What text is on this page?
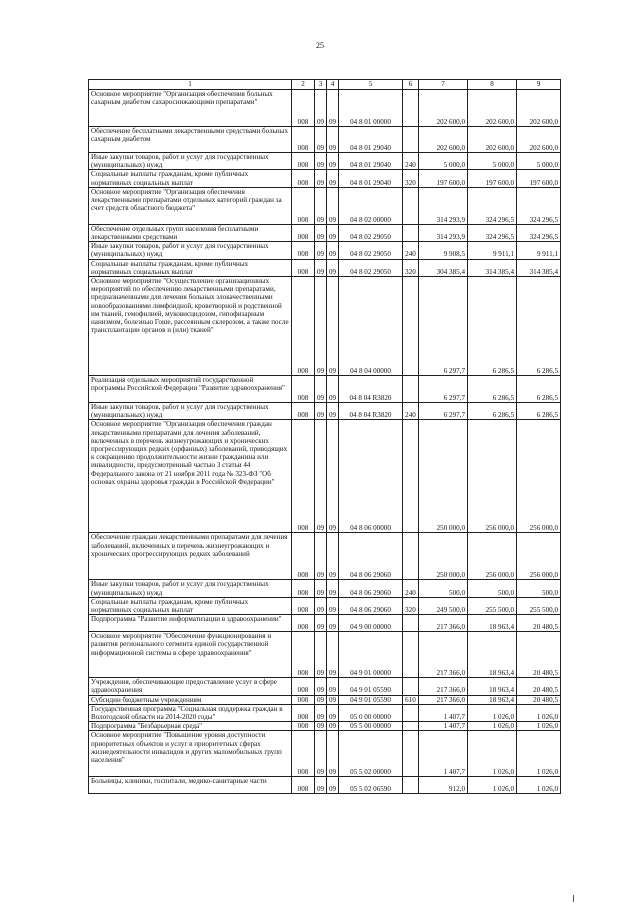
25
1	2	3	4	5	6	7	8	9
Основное мероприятие "Организация обеспечения больных сахарным диабетом сахароснижающими препаратами"	008	09	09	04 8 01 00000		202 600,0	202 600,0	202 600,0
Обеспечение бесплатными лекарственными средствами больных сахарным диабетом	008	09	09	04 8 01 29040		202 600,0	202 600,0	202 600,0
Иные закупки товаров, работ и услуг для государственных (муниципальных) нужд	008	09	09	04 8 01 29040	240	5 000,0	5 000,0	5 000,0
Социальные выплаты гражданам, кроме публичных нормативных социальных выплат	008	09	09	04 8 01 29040	320	197 600,0	197 600,0	197 600,0
Основное мероприятие "Организация обеспечения лекарственными препаратами отдельных категорий граждан за счет средств областного бюджета"	008	09	09	04 8 02 00000		314 293,9	324 296,5	324 296,5
Обеспечение отдельных групп населения бесплатными лекарственными средствами	008	09	09	04 8 02 29050		314 293,9	324 296,5	324 296,5
Иные закупки товаров, работ и услуг для государственных (муниципальных) нужд	008	09	09	04 8 02 29050	240	9 908,5	9 911,1	9 911,1
Социальные выплаты гражданам, кроме публичных нормативных социальных выплат	008	09	09	04 8 02 29050	320	304 385,4	314 385,4	314 385,4
Основное мероприятие "Осуществление организационных мероприятий по обеспечению лекарственными препаратами, предназначенными для лечения больных злокачественными новообразованиями лимфоидной, кроветворной и родственной им тканей, гемофилией, муковисцидозом, гипофизарным нанизмом, болезнью Гоше, рассеянным склерозом, а также после трансплантации органов и (или) тканей"	008	09	09	04 8 04 00000		6 297,7	6 286,5	6 286,5
Реализация отдельных мероприятий государственной программы Российской Федерации "Развитие здравоохранения"	008	09	09	04 8 04 R3820		6 297,7	6 286,5	6 286,5
Иные закупки товаров, работ и услуг для государственных (муниципальных) нужд	008	09	09	04 8 04 R3820	240	6 297,7	6 286,5	6 286,5
Основное мероприятие "Организация обеспечения граждан лекарственными препаратами для лечения заболеваний, включенных в перечень жизнеугрожающих и хронических прогрессирующих редких (орфанных) заболеваний, приводящих к сокращению продолжительности жизни гражданина или инвалидности, предусмотренный частью 3 статьи 44 Федерального закона от 21 ноября 2011 года № 323-ФЗ "Об основах охраны здоровья граждан в Российской Федерации"	008	09	09	04 8 06 00000		250 000,0	256 000,0	256 000,0
Обеспечение граждан лекарственными препаратами для лечения заболеваний, включенных в перечень жизнеугрожающих и хронических прогрессирующих редких заболеваний	008	09	09	04 8 06 29060		250 000,0	256 000,0	256 000,0
Иные закупки товаров, работ и услуг для государственных (муниципальных) нужд	008	09	09	04 8 06 29060	240	500,0	500,0	500,0
Социальные выплаты гражданам, кроме публичных нормативных социальных выплат	008	09	09	04 8 06 29060	320	249 500,0	255 500,0	255 500,0
Подпрограмма "Развитие информатизации в здравоохранении"	008	09	09	04 9 00 00000		217 366,0	18 963,4	20 480,5
Основное мероприятие "Обеспечение функционирования и развития регионального сегмента единой государственной информационной системы в сфере здравоохранения"	008	09	09	04 9 01 00000		217 366,0	18 963,4	20 480,5
Учреждения, обеспечивающие предоставление услуг в сфере здравоохранения	008	09	09	04 9 01 05590		217 366,0	18 963,4	20 480,5
Субсидии бюджетным учреждениям	008	09	09	04 9 01 05590	610	217 366,0	18 963,4	20 480,5
Государственная программа "Социальная поддержка граждан в Вологодской области на 2014-2020 годы"	008	09	09	05 0 00 00000		1 407,7	1 026,0	1 026,0
Подпрограмма "Безбарьерная среда"	008	09	09	05 5 00 00000		1 407,7	1 026,0	1 026,0
Основное мероприятие "Повышение уровня доступности приоритетных объектов и услуг в приоритетных сферах жизнедеятельности инвалидов и других маломобильных групп населения"	008	09	09	05 5 02 00000		1 407,7	1 026,0	1 026,0
Больницы, клиники, госпитали, медико-санитарные части	008	09	09	05 5 02 06590		912,0	1 026,0	1 026,0
